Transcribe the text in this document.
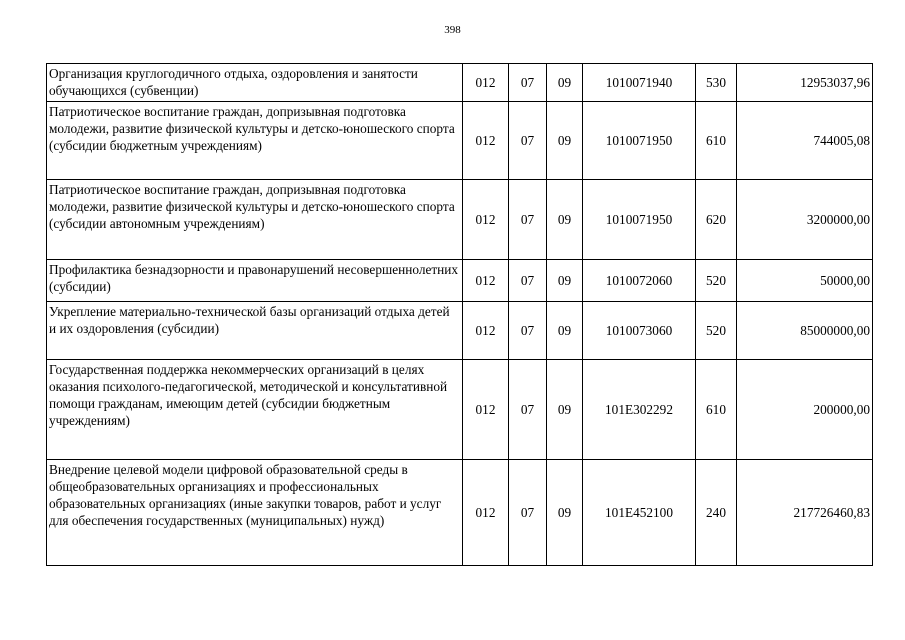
398
Организация круглогодичного отдыха, оздоровления и занятости обучающихся (субвенции)	012	07	09	1010071940	530	12953037,96
Патриотическое воспитание граждан, допризывная подготовка молодежи, развитие физической культуры и детско-юношеского спорта (субсидии бюджетным учреждениям)	012	07	09	1010071950	610	744005,08
Патриотическое воспитание граждан, допризывная подготовка молодежи, развитие физической культуры и детско-юношеского спорта (субсидии автономным учреждениям)	012	07	09	1010071950	620	3200000,00
Профилактика безнадзорности и правонарушений несовершеннолетних (субсидии)	012	07	09	1010072060	520	50000,00
Укрепление материально-технической базы организаций отдыха детей и их оздоровления (субсидии)	012	07	09	1010073060	520	85000000,00
Государственная поддержка некоммерческих организаций в целях оказания психолого-педагогической, методической и консультативной помощи гражданам, имеющим детей (субсидии бюджетным учреждениям)	012	07	09	101E302292	610	200000,00
Внедрение целевой модели цифровой образовательной среды в общеобразовательных организациях и профессиональных образовательных организациях (иные закупки товаров, работ и услуг для обеспечения государственных (муниципальных) нужд)	012	07	09	101E452100	240	217726460,83
